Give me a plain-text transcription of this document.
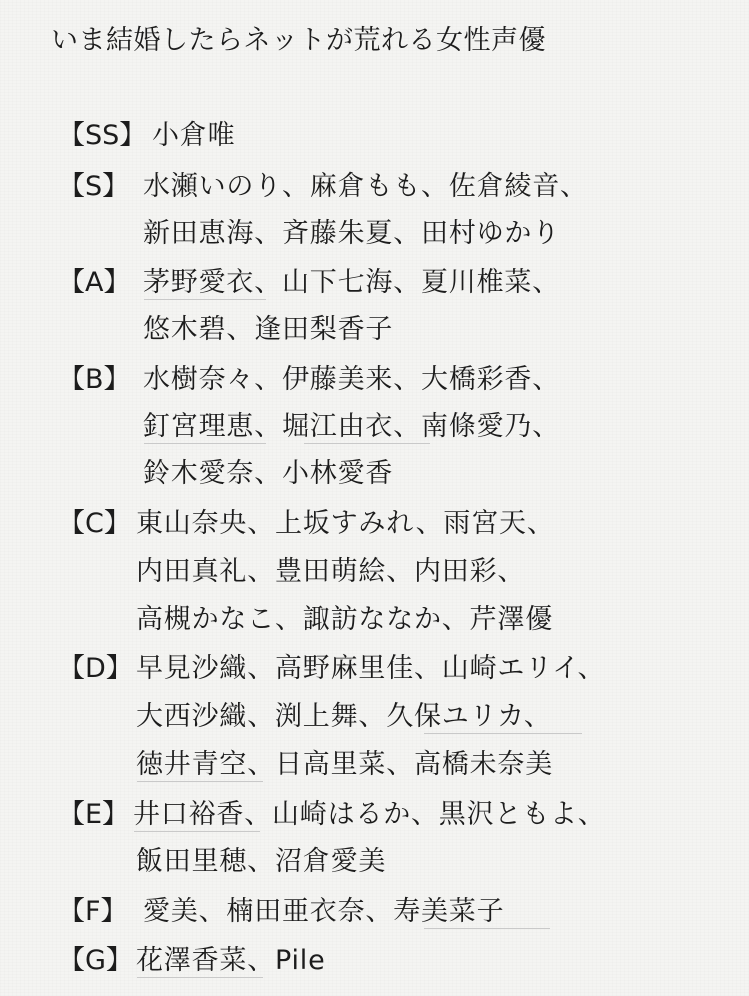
いま結婚したらネットが荒れる女性声優
【SS】 小倉唯
【S】 水瀬いのり、麻倉もも、佐倉綾音、
新田恵海、斉藤朱夏、田村ゆかり
【A】 茅野愛衣、山下七海、夏川椎菜、
悠木碧、逢田梨香子
【B】 水樹奈々、伊藤美来、大橋彩香、
釘宮理恵、堀江由衣、南條愛乃、
鈴木愛奈、小林愛香
【C】 東山奈央、上坂すみれ、雨宮天、
内田真礼、豊田萌絵、内田彩、
高槻かなこ、諏訪ななか、芹澤優
【D】 早見沙織、高野麻里佳、山崎エリイ、
大西沙織、渕上舞、久保ユリカ、
徳井青空、日高里菜、高橋未奈美
【E】 井口裕香、山崎はるか、黒沢ともよ、
飯田里穂、沼倉愛美
【F】 愛美、楠田亜衣奈、寿美菜子
【G】 花澤香菜、Pile
